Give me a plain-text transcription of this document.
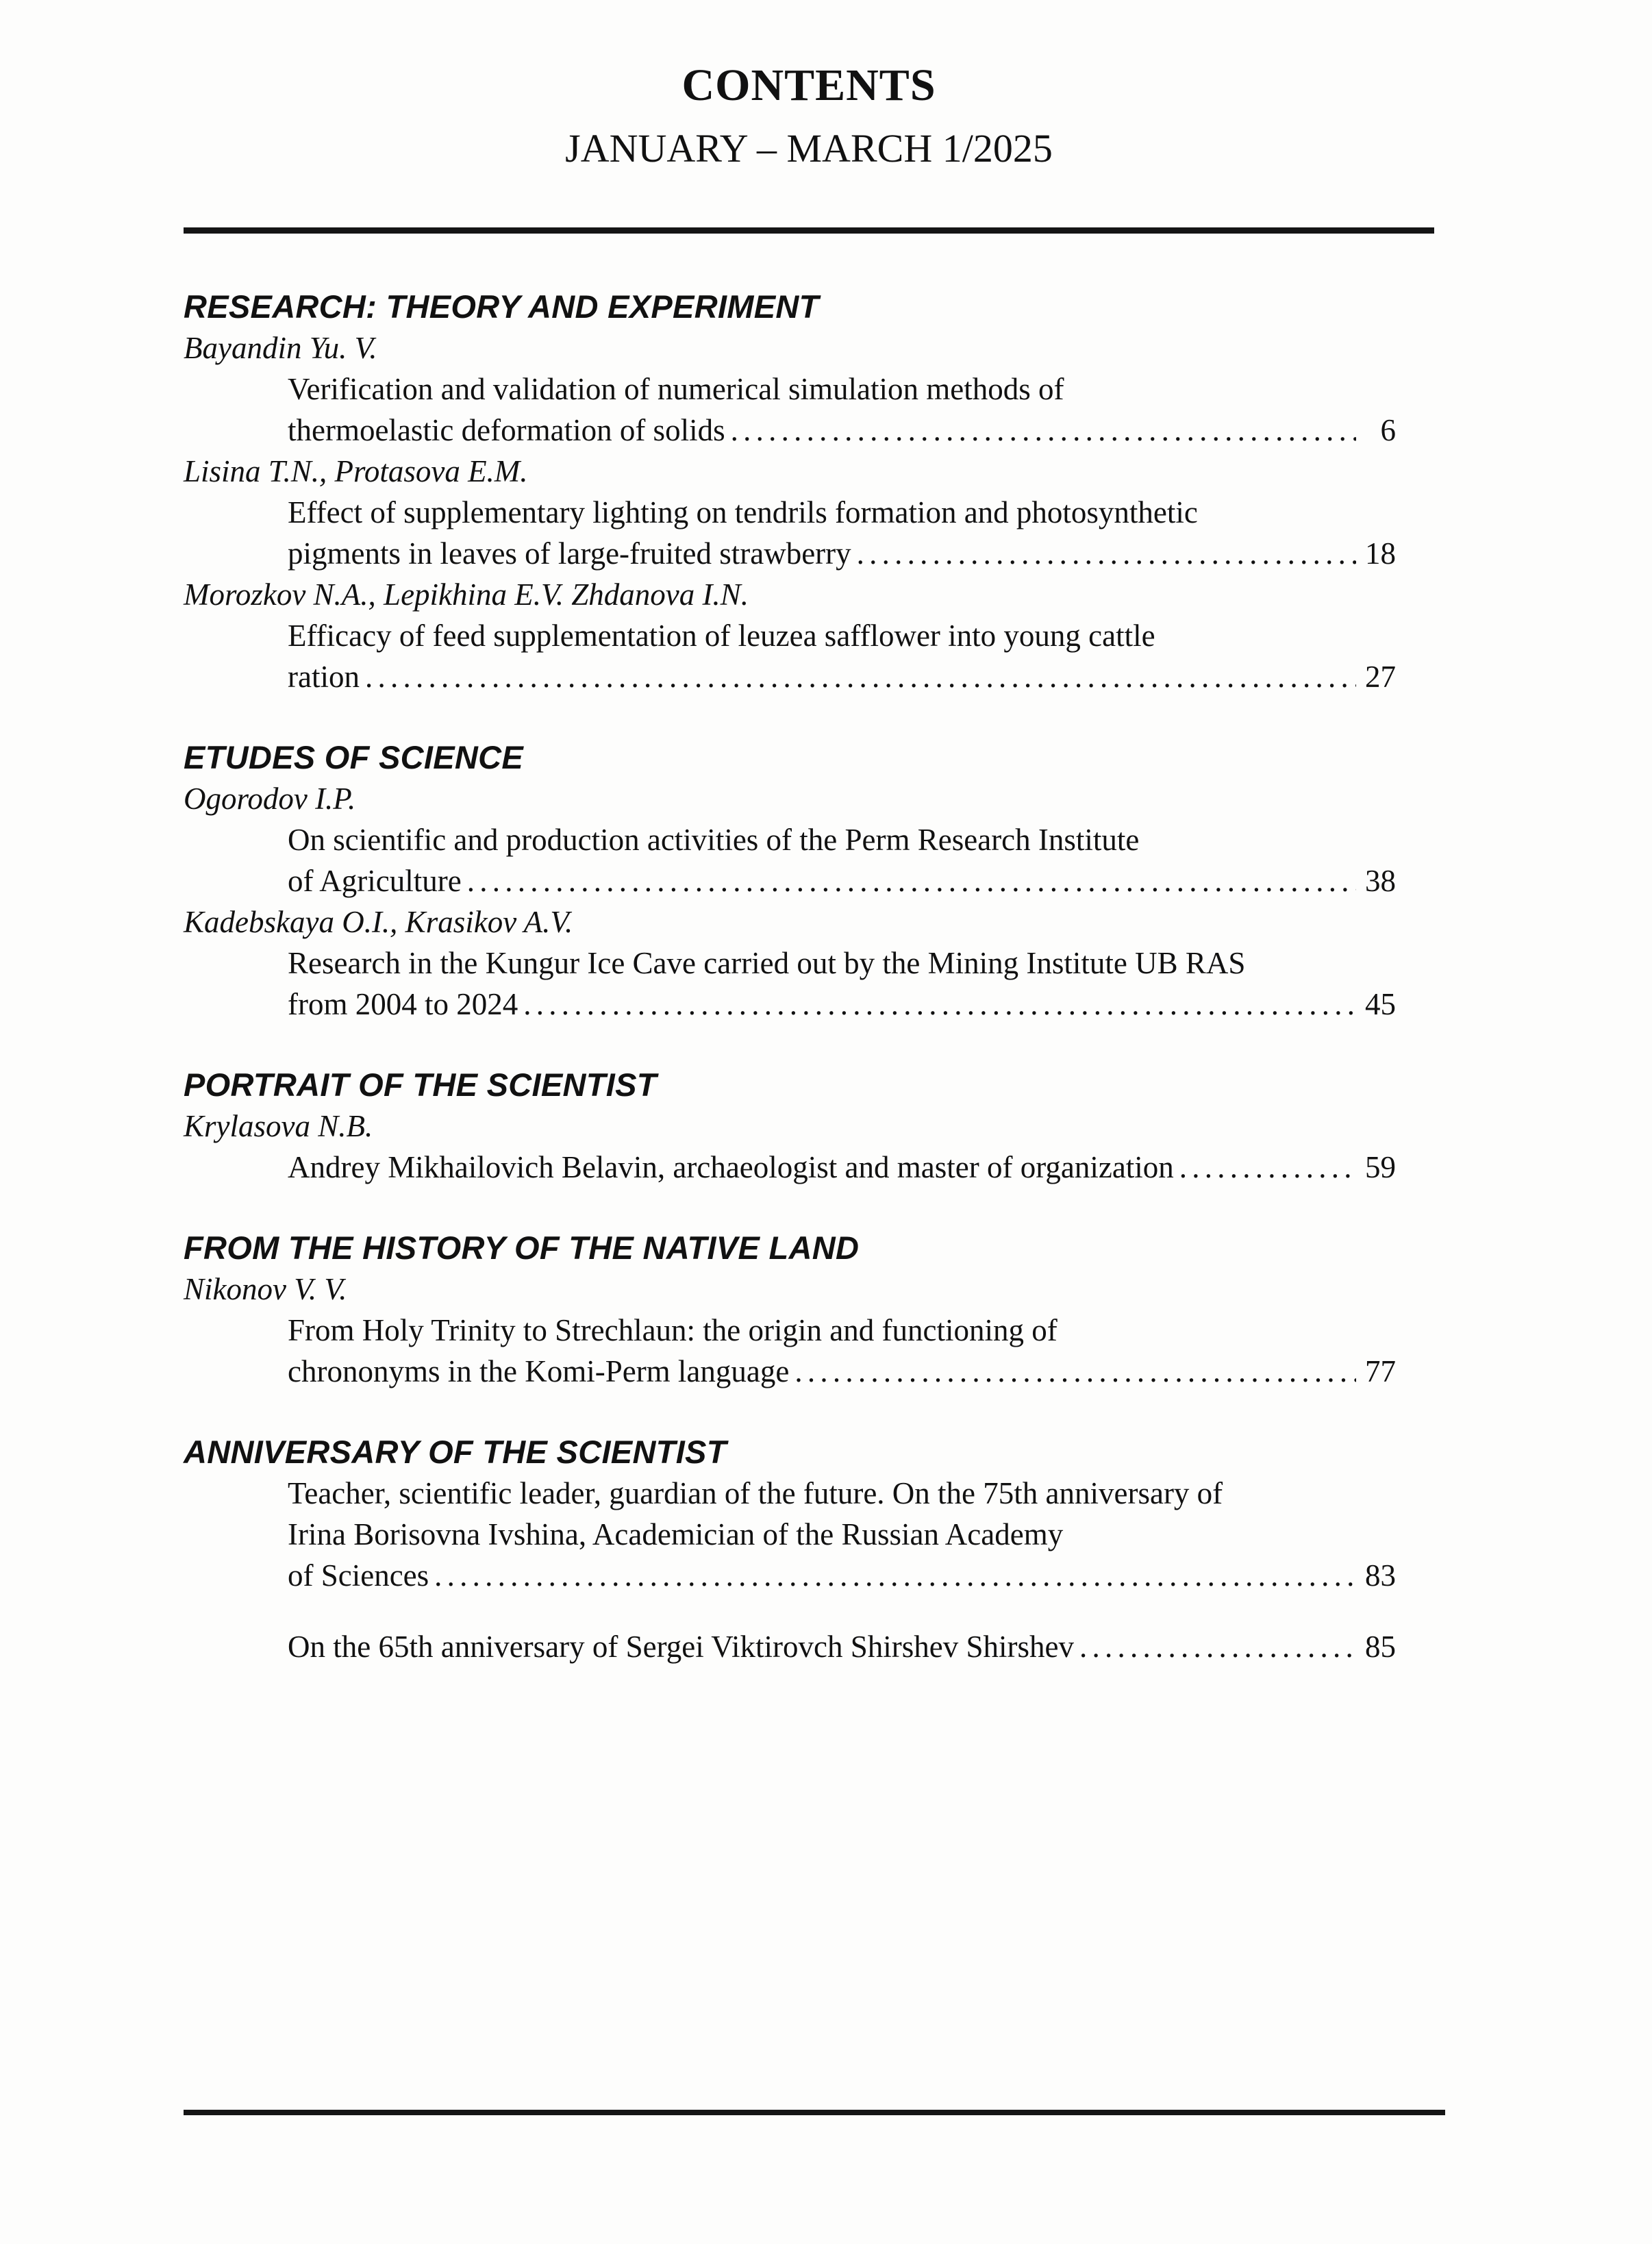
CONTENTS
JANUARY – MARCH 1/2025
RESEARCH: THEORY AND EXPERIMENT
Bayandin Yu. V.
Verification and validation of numerical simulation methods of
thermoelastic deformation of solids . . .	6
Lisina T.N., Protasova E.M.
Effect of supplementary lighting on tendrils formation and photosynthetic
pigments in leaves of large-fruited strawberry . . .	18
Morozkov N.A., Lepikhina E.V. Zhdanova I.N.
Efficacy of feed supplementation of leuzea safflower into young cattle
ration . . .	27
ETUDES OF SCIENCE
Ogorodov I.P.
On scientific and production activities of the Perm Research Institute
of Agriculture . . .	38
Kadebskaya O.I., Krasikov A.V.
Research in the Kungur Ice Cave carried out by the Mining Institute UB RAS
from 2004 to 2024 . . .	45
PORTRAIT OF THE SCIENTIST
Krylasova N.B.
Andrey Mikhailovich Belavin, archaeologist and master of organization . . .	59
FROM THE HISTORY OF THE NATIVE LAND
Nikonov V. V.
From Holy Trinity to Strechlaun: the origin and functioning of
chrononyms in the Komi-Perm language . . .	77
ANNIVERSARY OF THE SCIENTIST
Teacher, scientific leader, guardian of the future. On the 75th anniversary of
Irina Borisovna Ivshina, Academician of the Russian Academy
of Sciences . . .	83
On the 65th anniversary of Sergei Viktirovch Shirshev Shirshev . . .	85
